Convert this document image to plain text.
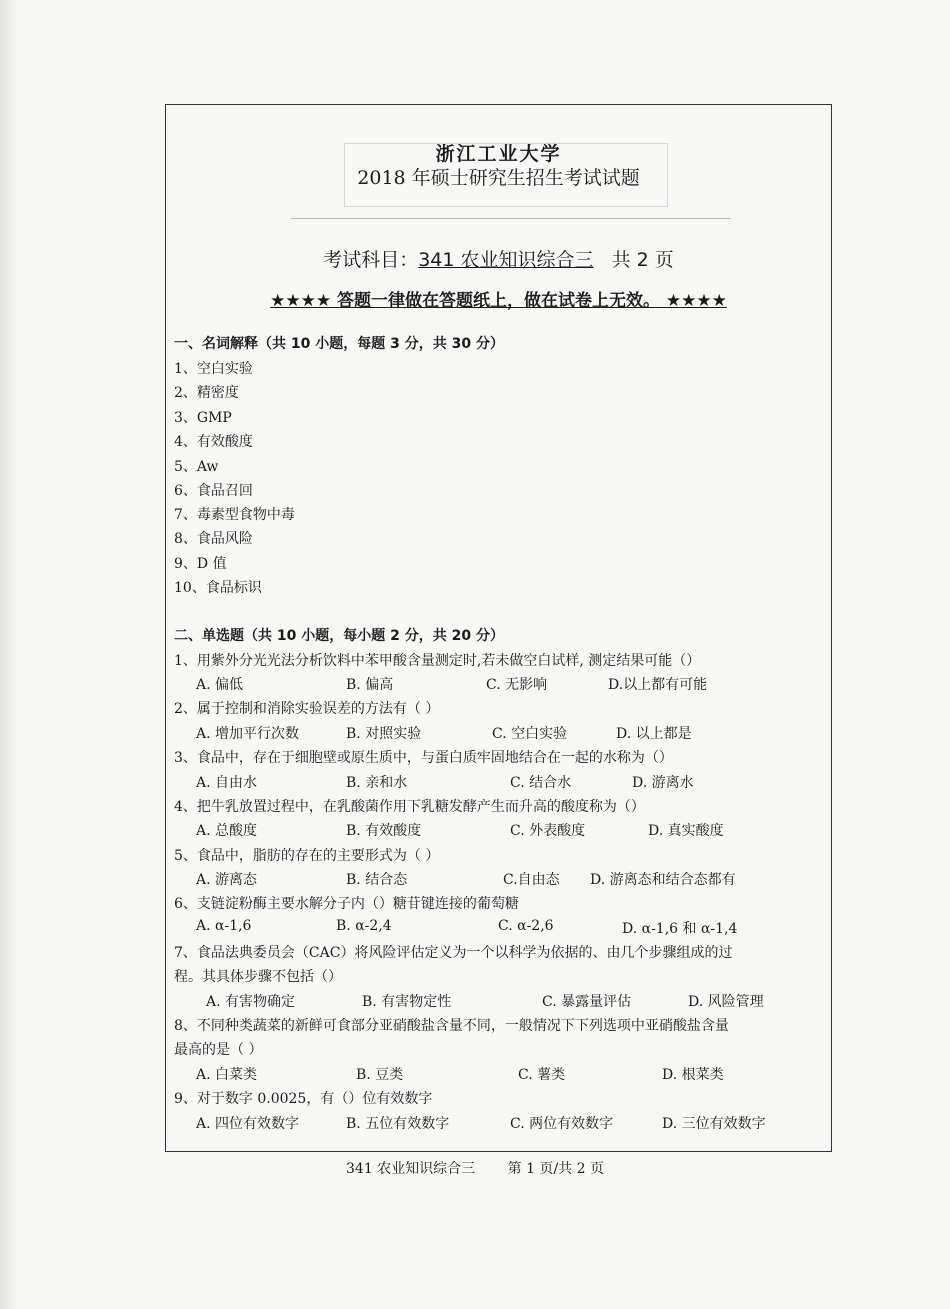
浙江工业大学
2018 年硕士研究生招生考试试题
考试科目：341 农业知识综合三 共 2 页
★★★★ 答题一律做在答题纸上，做在试卷上无效。 ★★★★
一、名词解释（共 10 小题，每题 3 分，共 30 分）
1、空白实验
2、精密度
3、GMP
4、有效酸度
5、Aw
6、食品召回
7、毒素型食物中毒
8、食品风险
9、D 值
10、食品标识
二、单选题（共 10 小题，每小题 2 分，共 20 分）
1、用紫外分光光法分析饮料中苯甲酸含量测定时,若未做空白试样, 测定结果可能（）
A. 偏低	B. 偏高	C. 无影响	D.以上都有可能
2、属于控制和消除实验误差的方法有（ ）
A. 增加平行次数	B. 对照实验	C. 空白实验	D. 以上都是
3、食品中，存在于细胞壁或原生质中，与蛋白质牢固地结合在一起的水称为（）
A. 自由水	B. 亲和水	C. 结合水	D. 游离水
4、把牛乳放置过程中，在乳酸菌作用下乳糖发酵产生而升高的酸度称为（）
A. 总酸度	B. 有效酸度	C. 外表酸度	D. 真实酸度
5、食品中，脂肪的存在的主要形式为（ ）
A. 游离态	B. 结合态	C.自由态 D. 游离态和结合态都有
6、支链淀粉酶主要水解分子内（）糖苷键连接的葡萄糖
A. α-1,6	B. α-2,4	C. α-2,6	D. α-1,6 和 α-1,4
7、食品法典委员会（CAC）将风险评估定义为一个以科学为依据的、由几个步骤组成的过
程。其具体步骤不包括（）
A. 有害物确定	B. 有害物定性	C. 暴露量评估	D. 风险管理
8、不同种类蔬菜的新鲜可食部分亚硝酸盐含量不同，一般情况下下列选项中亚硝酸盐含量
最高的是（ ）
A. 白菜类	B. 豆类	C. 薯类	D. 根菜类
9、对于数字 0.0025，有（）位有效数字
A. 四位有效数字	B. 五位有效数字	C. 两位有效数字	D. 三位有效数字
341 农业知识综合三 第 1 页/共 2 页
